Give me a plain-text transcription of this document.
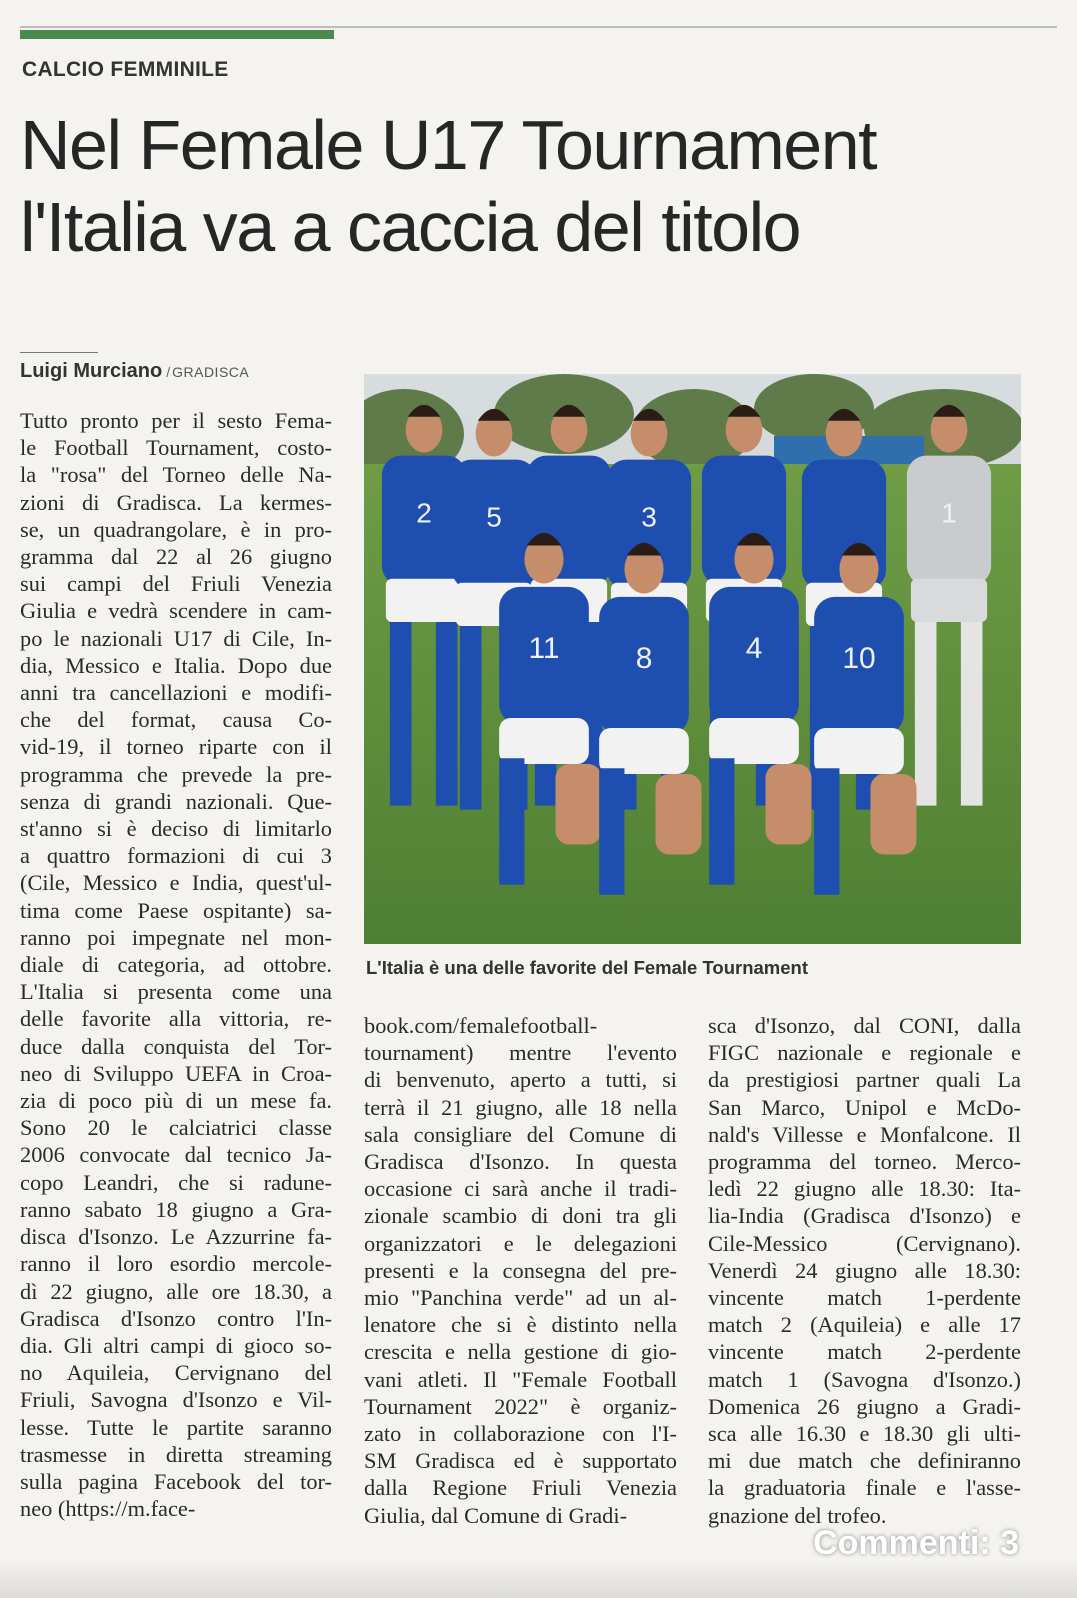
CALCIO FEMMINILE
Nel Female U17 Tournament
l'Italia va a caccia del titolo
Luigi Murciano / GRADISCA
Tutto pronto per il sesto Fema-
le Football Tournament, costo-
la "rosa" del Torneo delle Na-
zioni di Gradisca. La kermes-
se, un quadrangolare, è in pro-
gramma dal 22 al 26 giugno
sui campi del Friuli Venezia
Giulia e vedrà scendere in cam-
po le nazionali U17 di Cile, In-
dia, Messico e Italia. Dopo due
anni tra cancellazioni e modifi-
che del format, causa Co-
vid-19, il torneo riparte con il
programma che prevede la pre-
senza di grandi nazionali. Que-
st'anno si è deciso di limitarlo
a quattro formazioni di cui 3
(Cile, Messico e India, quest'ul-
tima come Paese ospitante) sa-
ranno poi impegnate nel mon-
diale di categoria, ad ottobre.
L'Italia si presenta come una
delle favorite alla vittoria, re-
duce dalla conquista del Tor-
neo di Sviluppo UEFA in Croa-
zia di poco più di un mese fa.
Sono 20 le calciatrici classe
2006 convocate dal tecnico Ja-
copo Leandri, che si radune-
ranno sabato 18 giugno a Gra-
disca d'Isonzo. Le Azzurrine fa-
ranno il loro esordio mercole-
dì 22 giugno, alle ore 18.30, a
Gradisca d'Isonzo contro l'In-
dia. Gli altri campi di gioco so-
no Aquileia, Cervignano del
Friuli, Savogna d'Isonzo e Vil-
lesse. Tutte le partite saranno
trasmesse in diretta streaming
sulla pagina Facebook del tor-
neo (https://m.face-
book.com/femalefootball-
tournament) mentre l'evento
di benvenuto, aperto a tutti, si
terrà il 21 giugno, alle 18 nella
sala consigliare del Comune di
Gradisca d'Isonzo. In questa
occasione ci sarà anche il tradi-
zionale scambio di doni tra gli
organizzatori e le delegazioni
presenti e la consegna del pre-
mio "Panchina verde" ad un al-
lenatore che si è distinto nella
crescita e nella gestione di gio-
vani atleti. Il "Female Football
Tournament 2022" è organiz-
zato in collaborazione con l'I-
SM Gradisca ed è supportato
dalla Regione Friuli Venezia
Giulia, dal Comune di Gradi-
sca d'Isonzo, dal CONI, dalla
FIGC nazionale e regionale e
da prestigiosi partner quali La
San Marco, Unipol e McDo-
nald's Villesse e Monfalcone. Il
programma del torneo. Merco-
ledì 22 giugno alle 18.30: Ita-
lia-India (Gradisca d'Isonzo) e
Cile-Messico (Cervignano).
Venerdì 24 giugno alle 18.30:
vincente match 1-perdente
match 2 (Aquileia) e alle 17
vincente match 2-perdente
match 1 (Savogna d'Isonzo.)
Domenica 26 giugno a Gradi-
sca alle 16.30 e 18.30 gli ulti-
mi due match che definiranno
la graduatoria finale e l'asse-
gnazione del trofeo.
2 5	3	1
11	8	4	10
L'Italia è una delle favorite del Female Tournament
Commenti: 3
